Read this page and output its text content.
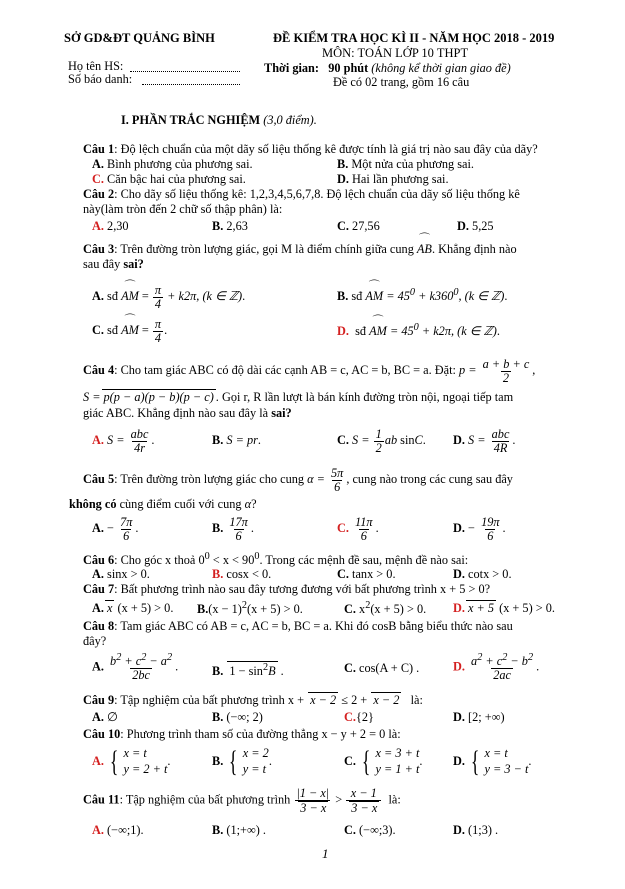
SỞ GD&ĐT QUẢNG BÌNH	ĐỀ KIỂM TRA HỌC KÌ II - NĂM HỌC 2018 - 2019
MÔN: TOÁN LỚP 10 THPT
Họ tên HS:
Số báo danh:
Thời gian: 90 phút (không kể thời gian giao đề)
Đề có 02 trang, gồm 16 câu
I. PHẦN TRẮC NGHIỆM (3,0 điểm).
Câu 1: Độ lệch chuẩn của một dãy số liệu thống kê được tính là giá trị nào sau đây của dãy?
A. Bình phương của phương sai.	B. Một nửa của phương sai.
C. Căn bậc hai của phương sai.	D. Hai lần phương sai.
Câu 2: Cho dãy số liệu thống kê: 1,2,3,4,5,6,7,8. Độ lệch chuẩn của dãy số liệu thống kê
này(làm tròn đến 2 chữ số thập phân) là:
A. 2,30	B. 2,63	C. 27,56	D. 5,25
Câu 3: Trên đường tròn lượng giác, gọi M là điểm chính giữa cung ⌒ AB. Khẳng định nào
sau đây sai?
A. sđ ⌒ AM = $\frac{\pi}{4} + k2\pi$, (k ∈ ℤ).	B. sđ ⌒ AM = $45^0 + k360^0$, (k ∈ ℤ).
C. sđ ⌒ AM = $\frac{\pi}{4}$ .	D. sđ ⌒ AM = $45^0 + k2\pi$, (k ∈ ℤ).
Câu 4: Cho tam giác ABC có độ dài các cạnh AB = c, AC = b, BC = a. Đặt: $p = \frac{a + b + c}{2}$ ,
S = p(p − a)(p − b)(p − c) . Gọi r, R lần lượt là bán kính đường tròn nội, ngoại tiếp tam
giác ABC. Khẳng định nào sau đây là sai?
A. $S = \frac{\text{abc}}{4r}$ .	B. S = pr.	C. $S = \frac{1}{2}$ ab sinC. D. $S = \frac{\text{abc}}{4R}$ .
Câu 5: Trên đường tròn lượng giác cho cung $\alpha = \frac{5\pi}{6}$ , cung nào trong các cung sau đây
không có cùng điểm cuối với cung α?
A. − $\frac{7\pi}{6}$ .	B. $\frac{17\pi}{6}$ .	C. $\frac{11\pi}{6}$ .	D. − $\frac{19\pi}{6}$ .
Câu 6: Cho góc x thoả $0^0 < x < 90^0$. Trong các mệnh đề sau, mệnh đề nào sai:
A. sinx > 0.	B. cosx < 0.	C. tanx > 0.	D. cotx > 0.
Câu 7: Bất phương trình nào sau đây tương đương với bất phương trình x + 5 > 0?
A. x (x + 5) > 0. $B.(x - 1)^2(x + 5) > 0$.	C. $x^2(x + 5) > 0$. D. x + 5 (x + 5) > 0.
Câu 8: Tam giác ABC có AB = c, AC = b, BC = a. Khi đó cosB bằng biểu thức nào sau
đây?
A. $\frac{b^2 + c^2 - a^2}{2bc}$ .	B. $1 - \sin^2B$ .	C. cos(A + C) .	D. $\frac{a^2 + c^2 - b^2}{2ac}$ .
Câu 9: Tập nghiệm của bất phương trình x + x − 2 ≤ 2 + x − 2 là:
A. ∅	B. (−∞; 2)	C.{2}	D. [2; +∞)
Câu 10: Phương trình tham số của đường thẳng x − y + 2 = 0 là:
A. { x = t
y = 2 + t
.	B. { x = 2
y = t
.	C. { x = 3 + t
y = 1 + t
. D. { x = t
y = 3 − t
.
Câu 11: Tập nghiệm của bất phương trình $\frac{|1 - x|}{3 - x} > \frac{x - 1}{3 - x}$ là:
A. (−∞;1).	B. (1;+∞) .	C. (−∞;3).	D. (1;3) .
1
